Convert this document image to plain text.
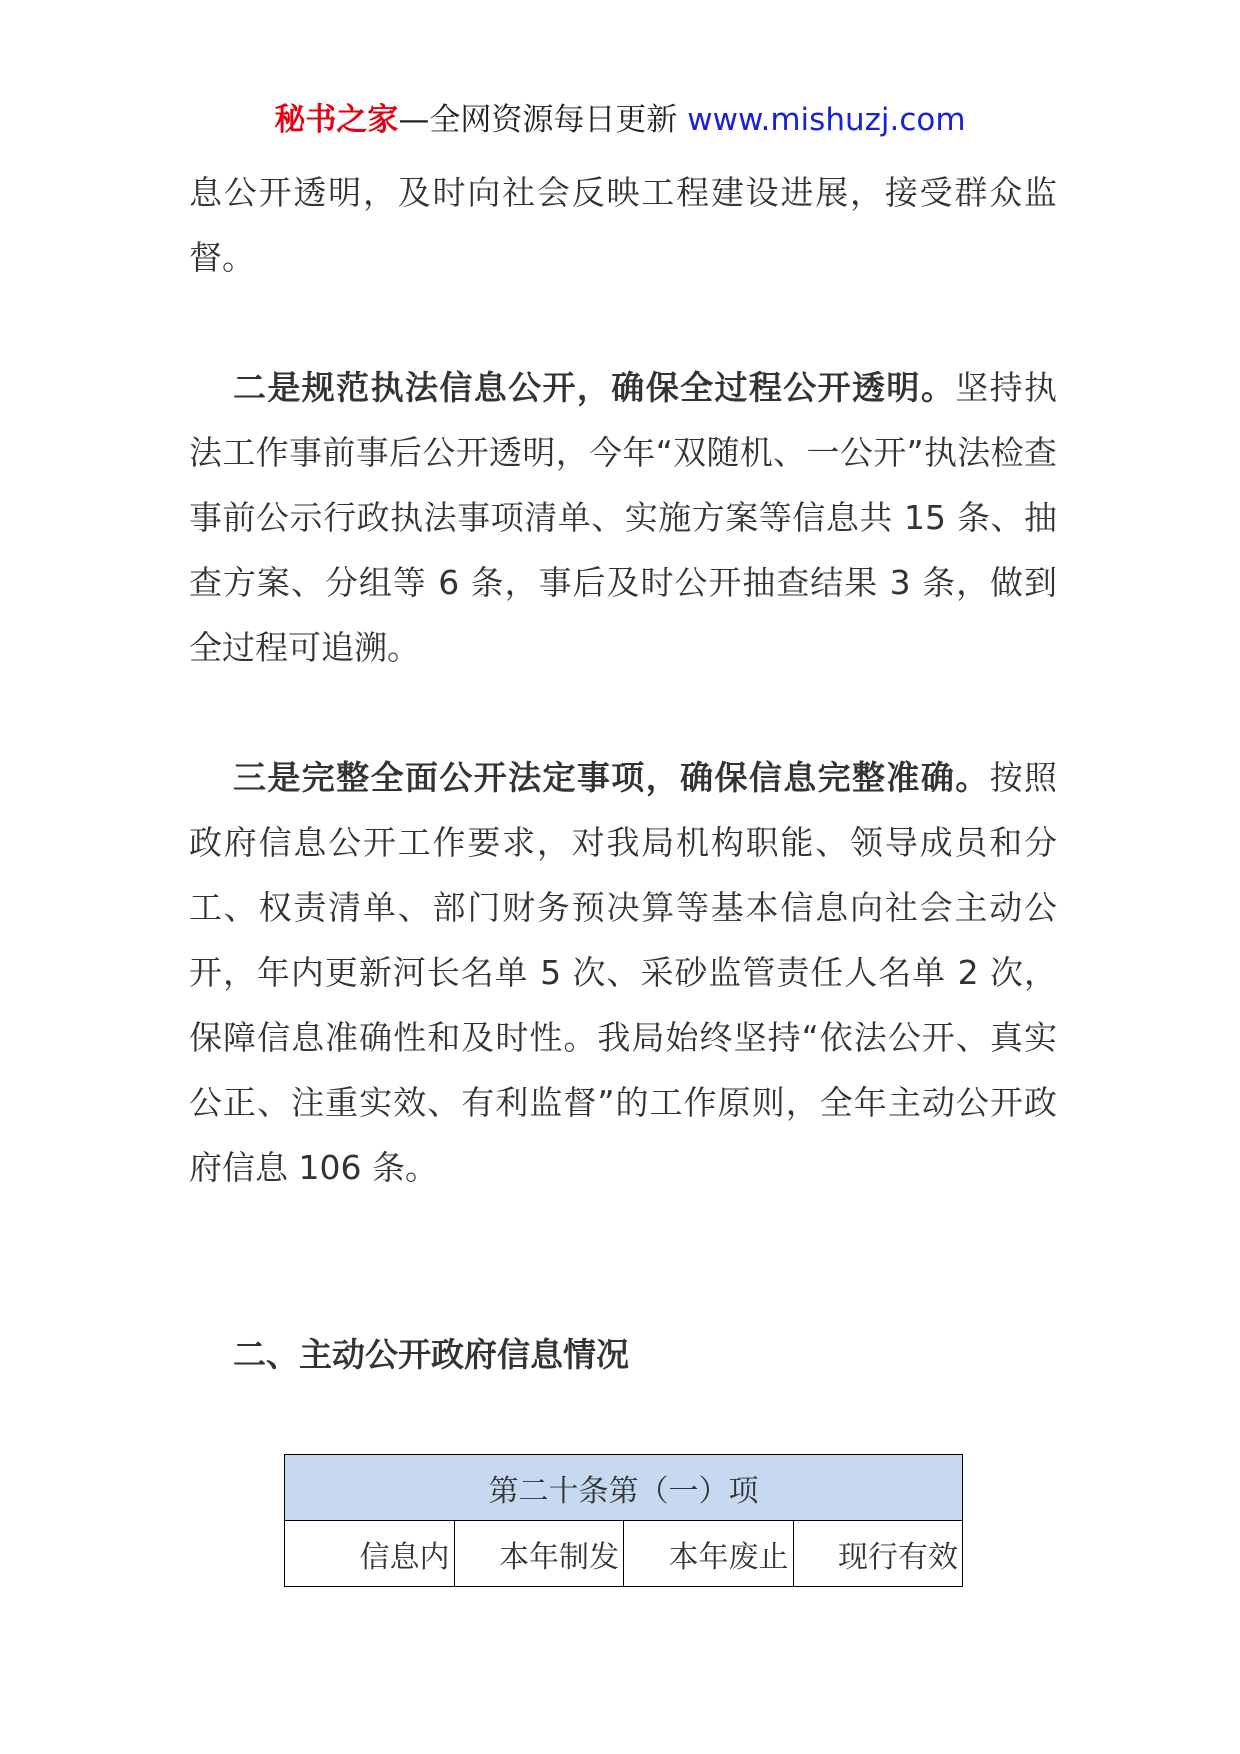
秘书之家—全网资源每日更新 www.mishuzj.com

息公开透明，及时向社会反映工程建设进展，接受群众监督。

二是规范执法信息公开，确保全过程公开透明。坚持执法工作事前事后公开透明，今年“双随机、一公开”执法检查事前公示行政执法事项清单、实施方案等信息共 15 条、抽查方案、分组等 6 条，事后及时公开抽查结果 3 条，做到全过程可追溯。

三是完整全面公开法定事项，确保信息完整准确。按照政府信息公开工作要求，对我局机构职能、领导成员和分工、权责清单、部门财务预决算等基本信息向社会主动公开，年内更新河长名单 5 次、采砂监管责任人名单 2 次，保障信息准确性和及时性。我局始终坚持“依法公开、真实公正、注重实效、有利监督”的工作原则，全年主动公开政府信息 106 条。

二、主动公开政府信息情况
第二十条第（一）项
信息内	本年制发	本年废止	现行有效
